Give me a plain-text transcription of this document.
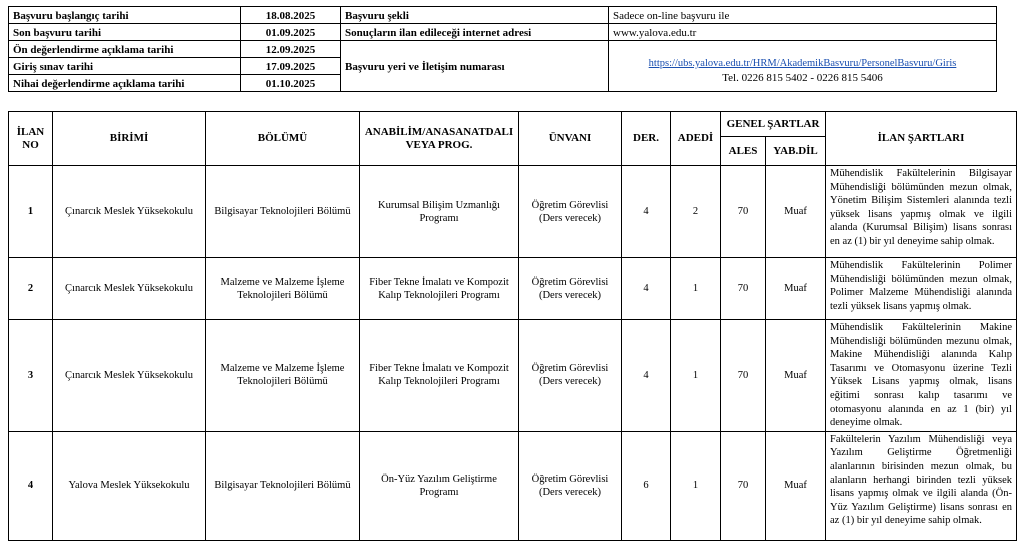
Başvuru başlangıç tarihi	18.08.2025	Başvuru şekli	Sadece on-line başvuru ile
Son başvuru tarihi	01.09.2025	Sonuçların ilan edileceği internet adresi	www.yalova.edu.tr
Ön değerlendirme açıklama tarihi	12.09.2025	Başvuru yeri ve İletişim numarası	https://ubs.yalova.edu.tr/HRM/AkademikBasvuru/PersonelBasvuru/Giris
Tel. 0226 815 5402 - 0226 815 5406

Giriş sınav tarihi	17.09.2025		
Nihai değerlendirme açıklama tarihi	01.10.2025		
İLAN NO	BİRİMİ	BÖLÜMÜ	ANABİLİM/ANASANATDALI VEYA PROG.	ÜNVANI	DER.	ADEDİ	GENEL ŞARTLAR		İLAN ŞARTLARI
							ALES	YAB.DİL	
1	Çınarcık Meslek Yüksekokulu	Bilgisayar Teknolojileri Bölümü	Kurumsal Bilişim Uzmanlığı Programı	Öğretim Görevlisi (Ders verecek)	4	2	70	Muaf	Mühendislik Fakültelerinin Bilgisayar Mühendisliği bölümünden mezun olmak, Yönetim Bilişim Sistemleri alanında tezli yüksek lisans yapmış olmak ve ilgili alanda (Kurumsal Bilişim) lisans sonrası en az (1) bir yıl deneyime sahip olmak.
2	Çınarcık Meslek Yüksekokulu	Malzeme ve Malzeme İşleme Teknolojileri Bölümü	Fiber Tekne İmalatı ve Kompozit Kalıp Teknolojileri Programı	Öğretim Görevlisi (Ders verecek)	4	1	70	Muaf	Mühendislik Fakültelerinin Polimer Mühendisliği bölümünden mezun olmak, Polimer Malzeme Mühendisliği alanında tezli yüksek lisans yapmış olmak.
3	Çınarcık Meslek Yüksekokulu	Malzeme ve Malzeme İşleme Teknolojileri Bölümü	Fiber Tekne İmalatı ve Kompozit Kalıp Teknolojileri Programı	Öğretim Görevlisi (Ders verecek)	4	1	70	Muaf	Mühendislik Fakültelerinin Makine Mühendisliği bölümünden mezunu olmak, Makine Mühendisliği alanında Kalıp Tasarımı ve Otomasyonu üzerine Tezli Yüksek Lisans yapmış olmak, lisans eğitimi sonrası kalıp tasarımı ve otomasyonu alanında en az 1 (bir) yıl deneyime olmak.
4	Yalova Meslek Yüksekokulu	Bilgisayar Teknolojileri Bölümü	Ön-Yüz Yazılım Geliştirme Programı	Öğretim Görevlisi (Ders verecek)	6	1	70	Muaf	Fakültelerin Yazılım Mühendisliği veya Yazılım Geliştirme Öğretmenliği alanlarının birisinden mezun olmak, bu alanların herhangi birinden tezli yüksek lisans yapmış olmak ve ilgili alanda (Ön-Yüz Yazılım Geliştirme) lisans sonrası en az (1) bir yıl deneyime sahip olmak.
